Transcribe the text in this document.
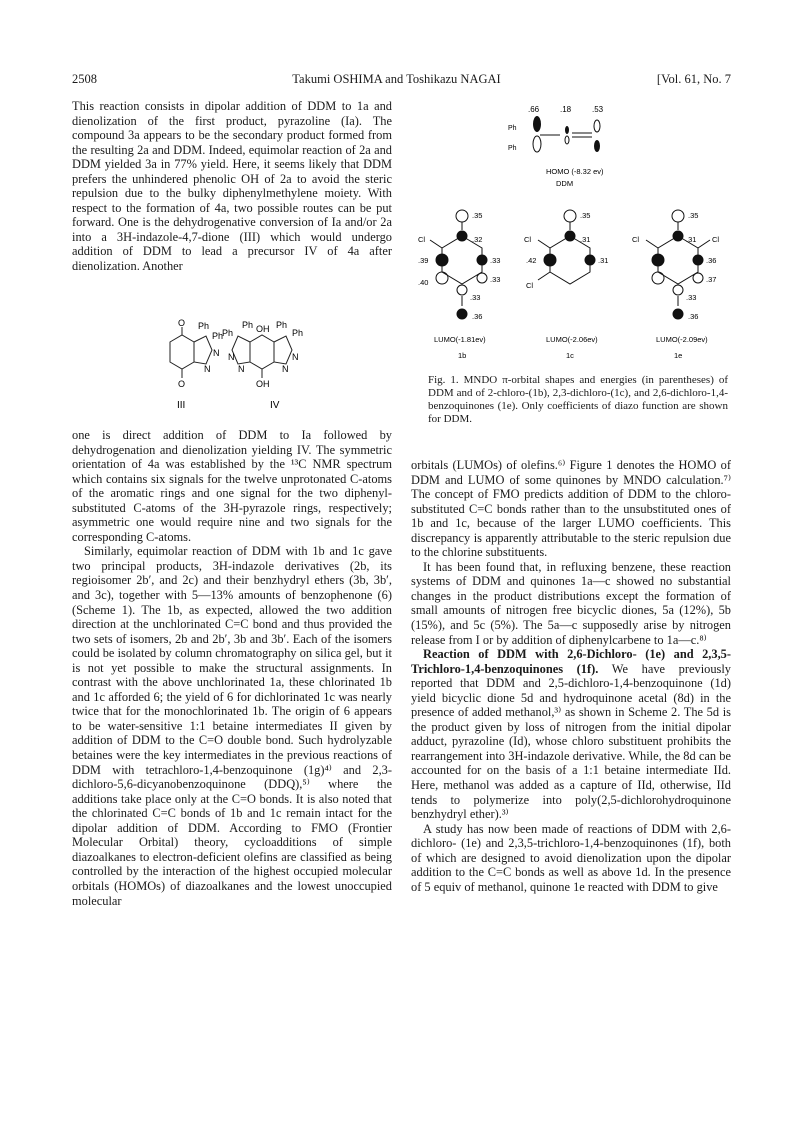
2508	Takumi OSHIMA and Toshikazu NAGAI	[Vol. 61, No. 7

This reaction consists in dipolar addition of DDM to 1a and dienolization of the first product, pyrazoline (Ia). The compound 3a appears to be the secondary product formed from the resulting 2a and DDM. Indeed, equimolar reaction of 2a and DDM yielded 3a in 77% yield. Here, it seems likely that DDM prefers the unhindered phenolic OH of 2a to avoid the steric repulsion due to the bulky diphenylmethylene moiety. With respect to the formation of 4a, two possible routes can be put forward. One is the dehydrogenative conversion of Ia and/or 2a into a 3H-indazole-4,7-dione (III) which would undergo addition of DDM to lead a precursor IV of 4a after dienolization. Another

O
O
Ph
Ph
N
N
III
Ph
Ph OH Ph
Ph
N
N
N
N
OH
IV

one is direct addition of DDM to Ia followed by dehydrogenation and dienolization yielding IV. The symmetric orientation of 4a was established by the ¹³C NMR spectrum which contains six signals for the twelve unprotonated C-atoms of the aromatic rings and one signal for the two diphenyl-substituted C-atoms of the 3H-pyrazole rings, respectively; asymmetric one would require nine and two signals for the corresponding C-atoms.

Similarly, equimolar reaction of DDM with 1b and 1c gave two principal products, 3H-indazole derivatives (2b, its regioisomer 2b′, and 2c) and their benzhydryl ethers (3b, 3b′, and 3c), together with 5—13% amounts of benzophenone (6) (Scheme 1). The 1b, as expected, allowed the two addition direction at the unchlorinated C=C bond and thus provided the two sets of isomers, 2b and 2b′, 3b and 3b′. Each of the isomers could be isolated by column chromatography on silica gel, but it is not yet possible to make the structural assignments. In contrast with the above unchlorinated 1a, these chlorinated 1b and 1c afforded 6; the yield of 6 for dichlorinated 1c was nearly twice that for the monochlorinated 1b. The origin of 6 appears to be water-sensitive 1:1 betaine intermediates II given by addition of DDM to the C=O double bond. Such hydrolyzable betaines were the key intermediates in the previous reactions of DDM with tetrachloro-1,4-benzoquinone (1g)⁴⁾ and 2,3-dichloro-5,6-dicyanobenzoquinone (DDQ),⁵⁾ where the additions take place only at the C=O bonds. It is also noted that the chlorinated C=C bonds of 1b and 1c remain intact for the dipolar addition of DDM. According to FMO (Frontier Molecular Orbital) theory, cycloadditions of simple diazoalkanes to electron-deficient olefins are classified as being controlled by the interaction of the highest occupied molecular orbitals (HOMOs) of diazoalkanes and the lowest unoccupied molecular

.66	.18	.53
Ph
Ph
HOMO (-8.32 ev)
DDM
.35
Cl	.32
.39	.33
.40	.33
.33
.36
LUMO(-1.81ev)
1b
.35
Cl	.31
.42	.31
Cl
LUMO(-2.06ev)
1c
.35
Cl	.31 Cl
.36
.37
.33
.36
LUMO(-2.09ev)
1e
Fig. 1. MNDO π-orbital shapes and energies (in parentheses) of DDM and of 2-chloro-(1b), 2,3-dichloro-(1c), and 2,6-dichloro-1,4-benzoquinones (1e). Only coefficients of diazo function are shown for DDM.

orbitals (LUMOs) of olefins.⁶⁾ Figure 1 denotes the HOMO of DDM and LUMO of some quinones by MNDO calculation.⁷⁾ The concept of FMO predicts addition of DDM to the chloro-substituted C=C bonds rather than to the unsubstituted ones of 1b and 1c, because of the larger LUMO coefficients. This discrepancy is apparently attributable to the steric repulsion due to the chlorine substituents.

It has been found that, in refluxing benzene, these reaction systems of DDM and quinones 1a—c showed no substantial changes in the product distributions except the formation of small amounts of nitrogen free bicyclic diones, 5a (12%), 5b (15%), and 5c (5%). The 5a—c supposedly arise by nitrogen release from I or by addition of diphenylcarbene to 1a—c.⁸⁾

Reaction of DDM with 2,6-Dichloro- (1e) and 2,3,5-Trichloro-1,4-benzoquinones (1f). We have previously reported that DDM and 2,5-dichloro-1,4-benzoquinone (1d) yield bicyclic dione 5d and hydroquinone acetal (8d) in the presence of added methanol,³⁾ as shown in Scheme 2. The 5d is the product given by loss of nitrogen from the initial dipolar adduct, pyrazoline (Id), whose chloro substituent prohibits the rearrangement into 3H-indazole derivative. While, the 8d can be accounted for on the basis of a 1:1 betaine intermediate IId. Here, methanol was added as a capture of IId, otherwise, IId tends to polymerize into poly(2,5-dichlorohydroquinone benzhydryl ether).³⁾

A study has now been made of reactions of DDM with 2,6-dichloro- (1e) and 2,3,5-trichloro-1,4-benzoquinones (1f), both of which are designed to avoid dienolization upon the dipolar addition to the C=C bonds as well as above 1d. In the presence of 5 equiv of methanol, quinone 1e reacted with DDM to give
